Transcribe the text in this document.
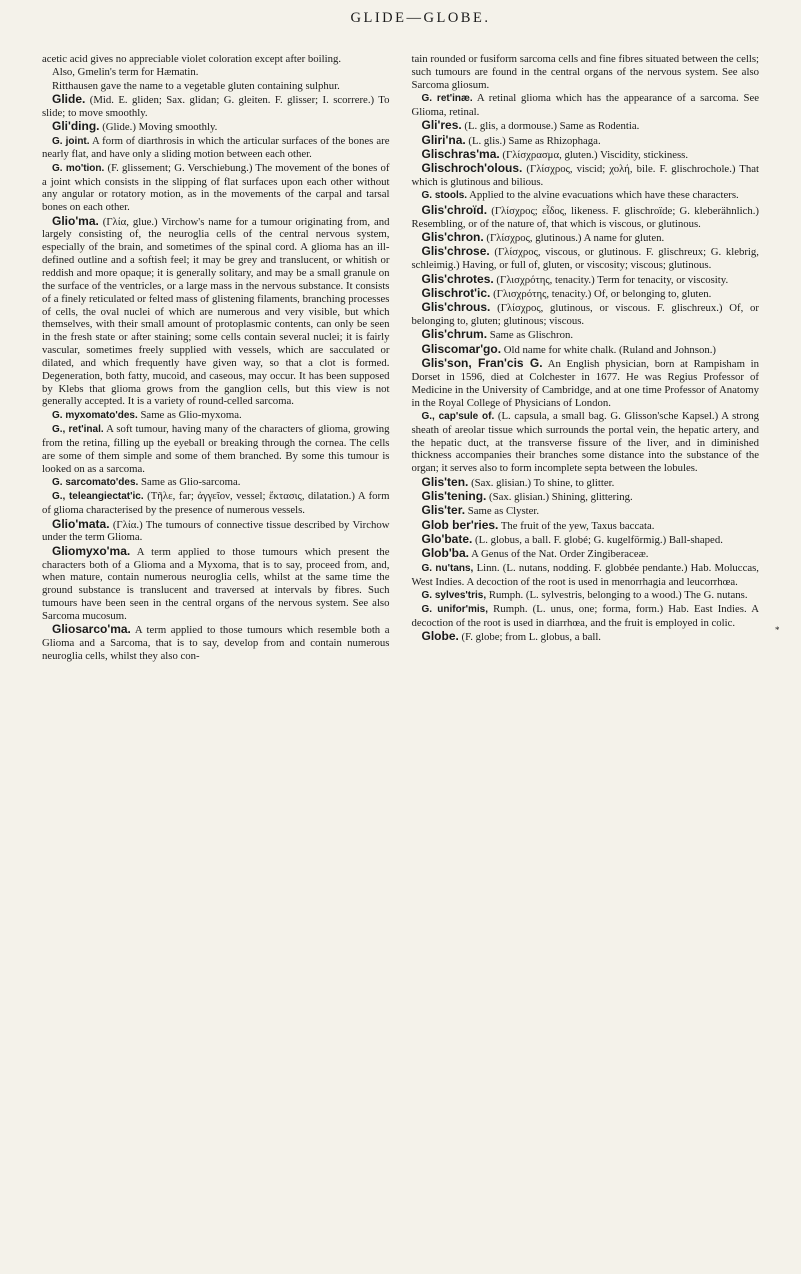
GLIDE—GLOBE.
*

acetic acid gives no appreciable violet coloration except after boiling.

Also, Gmelin's term for Hæmatin.

Ritthausen gave the name to a vegetable gluten containing sulphur.

Glide. (Mid. E. gliden; Sax. glidan; G. gleiten. F. glisser; I. scorrere.) To slide; to move smoothly.

Gli'ding. (Glide.) Moving smoothly.

G. joint. A form of diarthrosis in which the articular surfaces of the bones are nearly flat, and have only a sliding motion between each other.

G. mo'tion. (F. glissement; G. Verschiebung.) The movement of the bones of a joint which consists in the slipping of flat surfaces upon each other without any angular or rotatory motion, as in the movements of the carpal and tarsal bones on each other.

Glio'ma. (Γλία, glue.) Virchow's name for a tumour originating from, and largely consisting of, the neuroglia cells of the central nervous system, especially of the brain, and sometimes of the spinal cord. A glioma has an ill-defined outline and a softish feel; it may be grey and translucent, or whitish or reddish and more opaque; it is generally solitary, and may be a small granule on the surface of the ventricles, or a large mass in the nervous substance. It consists of a finely reticulated or felted mass of glistening filaments, branching processes of cells, the oval nuclei of which are numerous and very visible, but which themselves, with their small amount of protoplasmic contents, can only be seen in the fresh state or after staining; some cells contain several nuclei; it is fairly vascular, sometimes freely supplied with vessels, which are sacculated or dilated, and which frequently have given way, so that a clot is formed. Degeneration, both fatty, mucoid, and caseous, may occur. It has been supposed by Klebs that glioma grows from the ganglion cells, but this view is not generally accepted. It is a variety of round-celled sarcoma.

G. myxomato'des. Same as Glio-myxoma.

G., ret'inal. A soft tumour, having many of the characters of glioma, growing from the retina, filling up the eyeball or breaking through the cornea. The cells are some of them simple and some of them branched. By some this tumour is looked on as a sarcoma.

G. sarcomato'des. Same as Glio-sarcoma.

G., teleangiectat'ic. (Τῆλε, far; ἀγγεῖον, vessel; ἔκτασις, dilatation.) A form of glioma characterised by the presence of numerous vessels.

Glio'mata. (Γλία.) The tumours of connective tissue described by Virchow under the term Glioma.

Gliomyxo'ma. A term applied to those tumours which present the characters both of a Glioma and a Myxoma, that is to say, proceed from, and, when mature, contain numerous neuroglia cells, whilst at the same time the ground substance is translucent and traversed at intervals by fibres. Such tumours have been seen in the central organs of the nervous system. See also Sarcoma mucosum.

Gliosarco'ma. A term applied to those tumours which resemble both a Glioma and a Sarcoma, that is to say, develop from and contain numerous neuroglia cells, whilst they also con-

tain rounded or fusiform sarcoma cells and fine fibres situated between the cells; such tumours are found in the central organs of the nervous system. See also Sarcoma gliosum.

G. ret'inæ. A retinal glioma which has the appearance of a sarcoma. See Glioma, retinal.

Gli'res. (L. glis, a dormouse.) Same as Rodentia.

Gliri'na. (L. glis.) Same as Rhizophaga.

Glischras'ma. (Γλίσχρασμα, gluten.) Viscidity, stickiness.

Glischroch'olous. (Γλίσχρος, viscid; χολή, bile. F. glischrochole.) That which is glutinous and bilious.

G. stools. Applied to the alvine evacuations which have these characters.

Glis'chroïd. (Γλίσχρος; εἶδος, likeness. F. glischroïde; G. kleberähnlich.) Resembling, or of the nature of, that which is viscous, or glutinous.

Glis'chron. (Γλίσχρος, glutinous.) A name for gluten.

Glis'chrose. (Γλίσχρος, viscous, or glutinous. F. glischreux; G. klebrig, schleimig.) Having, or full of, gluten, or viscosity; viscous; glutinous.

Glis'chrotes. (Γλισχρότης, tenacity.) Term for tenacity, or viscosity.

Glischrot'ic. (Γλισχρότης, tenacity.) Of, or belonging to, gluten.

Glis'chrous. (Γλίσχρος, glutinous, or viscous. F. glischreux.) Of, or belonging to, gluten; glutinous; viscous.

Glis'chrum. Same as Glischron.

Gliscomar'go. Old name for white chalk. (Ruland and Johnson.)

Glis'son, Fran'cis G. An English physician, born at Rampisham in Dorset in 1596, died at Colchester in 1677. He was Regius Professor of Medicine in the University of Cambridge, and at one time Professor of Anatomy in the Royal College of Physicians of London.

G., cap'sule of. (L. capsula, a small bag. G. Glisson'sche Kapsel.) A strong sheath of areolar tissue which surrounds the portal vein, the hepatic artery, and the hepatic duct, at the transverse fissure of the liver, and in diminished thickness accompanies their branches some distance into the substance of the organ; it serves also to form incomplete septa between the lobules.

Glis'ten. (Sax. glisian.) To shine, to glitter.

Glis'tening. (Sax. glisian.) Shining, glittering.

Glis'ter. Same as Clyster.

Glob ber'ries. The fruit of the yew, Taxus baccata.

Glo'bate. (L. globus, a ball. F. globé; G. kugelförmig.) Ball-shaped.

Glob'ba. A Genus of the Nat. Order Zingiberaceæ.

G. nu'tans, Linn. (L. nutans, nodding. F. globbée pendante.) Hab. Moluccas, West Indies. A decoction of the root is used in menorrhagia and leucorrhœa.

G. sylves'tris, Rumph. (L. sylvestris, belonging to a wood.) The G. nutans.

G. unifor'mis, Rumph. (L. unus, one; forma, form.) Hab. East Indies. A decoction of the root is used in diarrhœa, and the fruit is employed in colic.

Globe. (F. globe; from L. globus, a ball.
